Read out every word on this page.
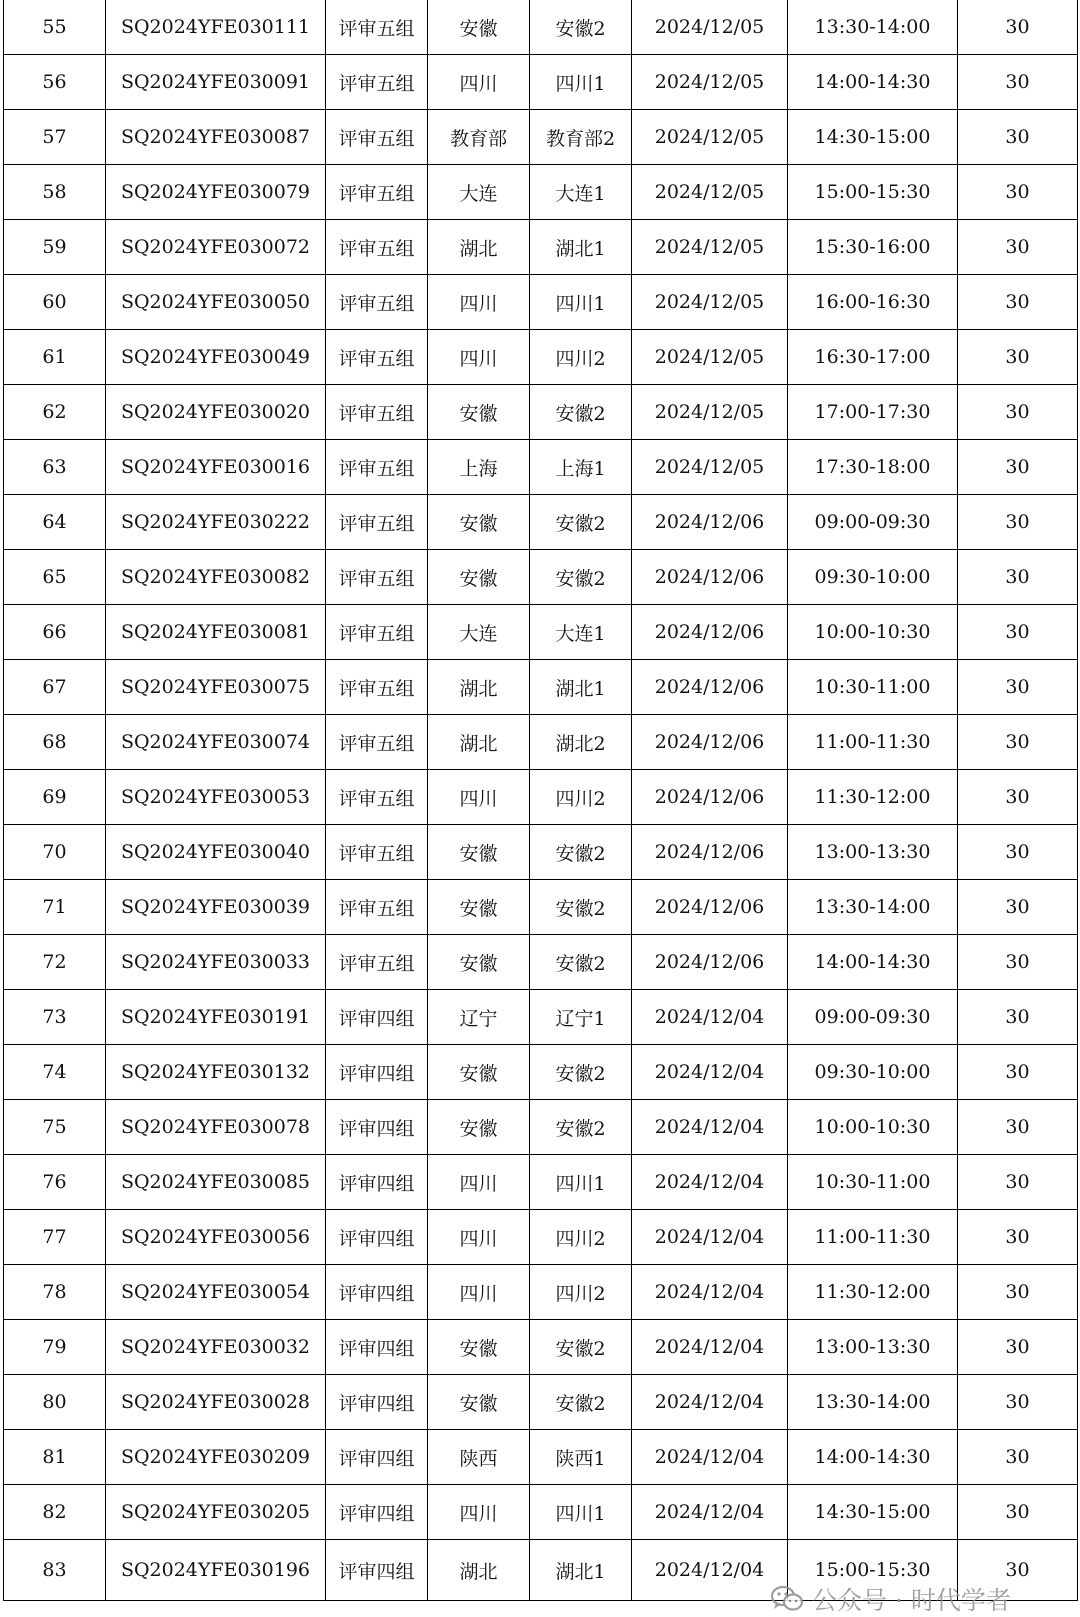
55	SQ2024YFE030111	评审五组	安徽	安徽2	2024/12/05	13:30-14:00	30
56	SQ2024YFE030091	评审五组	四川	四川1	2024/12/05	14:00-14:30	30
57	SQ2024YFE030087	评审五组	教育部	教育部2	2024/12/05	14:30-15:00	30
58	SQ2024YFE030079	评审五组	大连	大连1	2024/12/05	15:00-15:30	30
59	SQ2024YFE030072	评审五组	湖北	湖北1	2024/12/05	15:30-16:00	30
60	SQ2024YFE030050	评审五组	四川	四川1	2024/12/05	16:00-16:30	30
61	SQ2024YFE030049	评审五组	四川	四川2	2024/12/05	16:30-17:00	30
62	SQ2024YFE030020	评审五组	安徽	安徽2	2024/12/05	17:00-17:30	30
63	SQ2024YFE030016	评审五组	上海	上海1	2024/12/05	17:30-18:00	30
64	SQ2024YFE030222	评审五组	安徽	安徽2	2024/12/06	09:00-09:30	30
65	SQ2024YFE030082	评审五组	安徽	安徽2	2024/12/06	09:30-10:00	30
66	SQ2024YFE030081	评审五组	大连	大连1	2024/12/06	10:00-10:30	30
67	SQ2024YFE030075	评审五组	湖北	湖北1	2024/12/06	10:30-11:00	30
68	SQ2024YFE030074	评审五组	湖北	湖北2	2024/12/06	11:00-11:30	30
69	SQ2024YFE030053	评审五组	四川	四川2	2024/12/06	11:30-12:00	30
70	SQ2024YFE030040	评审五组	安徽	安徽2	2024/12/06	13:00-13:30	30
71	SQ2024YFE030039	评审五组	安徽	安徽2	2024/12/06	13:30-14:00	30
72	SQ2024YFE030033	评审五组	安徽	安徽2	2024/12/06	14:00-14:30	30
73	SQ2024YFE030191	评审四组	辽宁	辽宁1	2024/12/04	09:00-09:30	30
74	SQ2024YFE030132	评审四组	安徽	安徽2	2024/12/04	09:30-10:00	30
75	SQ2024YFE030078	评审四组	安徽	安徽2	2024/12/04	10:00-10:30	30
76	SQ2024YFE030085	评审四组	四川	四川1	2024/12/04	10:30-11:00	30
77	SQ2024YFE030056	评审四组	四川	四川2	2024/12/04	11:00-11:30	30
78	SQ2024YFE030054	评审四组	四川	四川2	2024/12/04	11:30-12:00	30
79	SQ2024YFE030032	评审四组	安徽	安徽2	2024/12/04	13:00-13:30	30
80	SQ2024YFE030028	评审四组	安徽	安徽2	2024/12/04	13:30-14:00	30
81	SQ2024YFE030209	评审四组	陕西	陕西1	2024/12/04	14:00-14:30	30
82	SQ2024YFE030205	评审四组	四川	四川1	2024/12/04	14:30-15:00	30
83	SQ2024YFE030196	评审四组	湖北	湖北1	2024/12/04	15:00-15:30	30
公众号 · 时代学者
